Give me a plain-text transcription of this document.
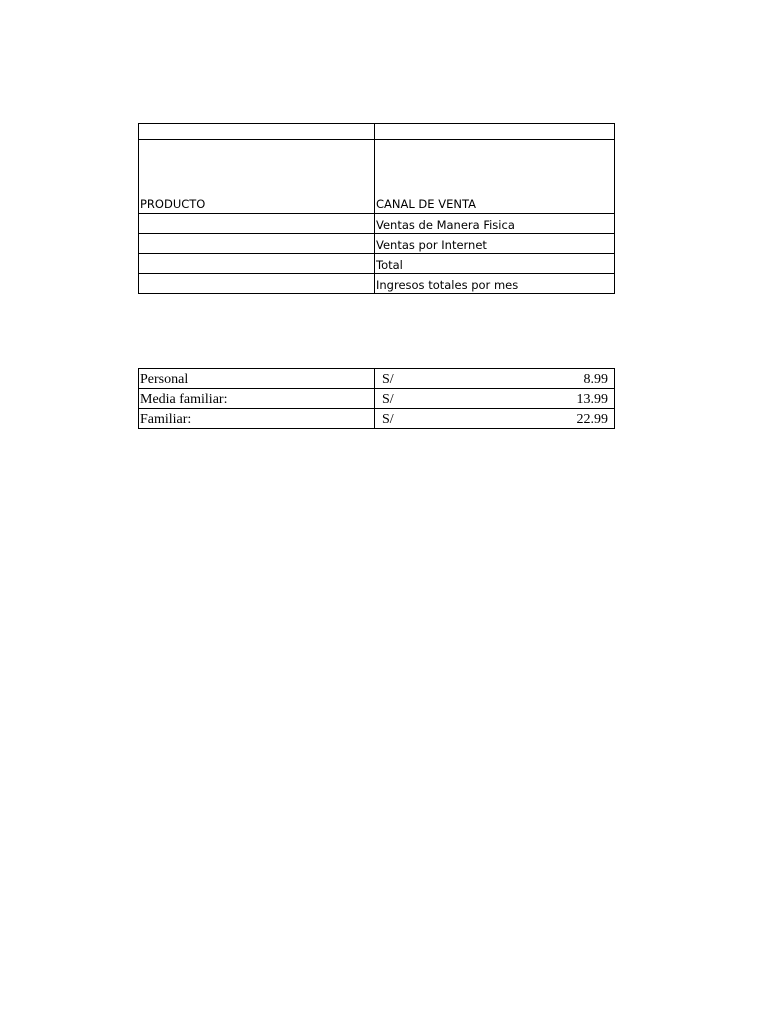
PRODUCTO	CANAL DE VENTA
	Ventas de Manera Fisica
	Ventas por Internet
	Total
	Ingresos totales por mes
Personal	S/ 8.99

Media familiar:	S/ 13.99

Familiar:	S/ 22.99
